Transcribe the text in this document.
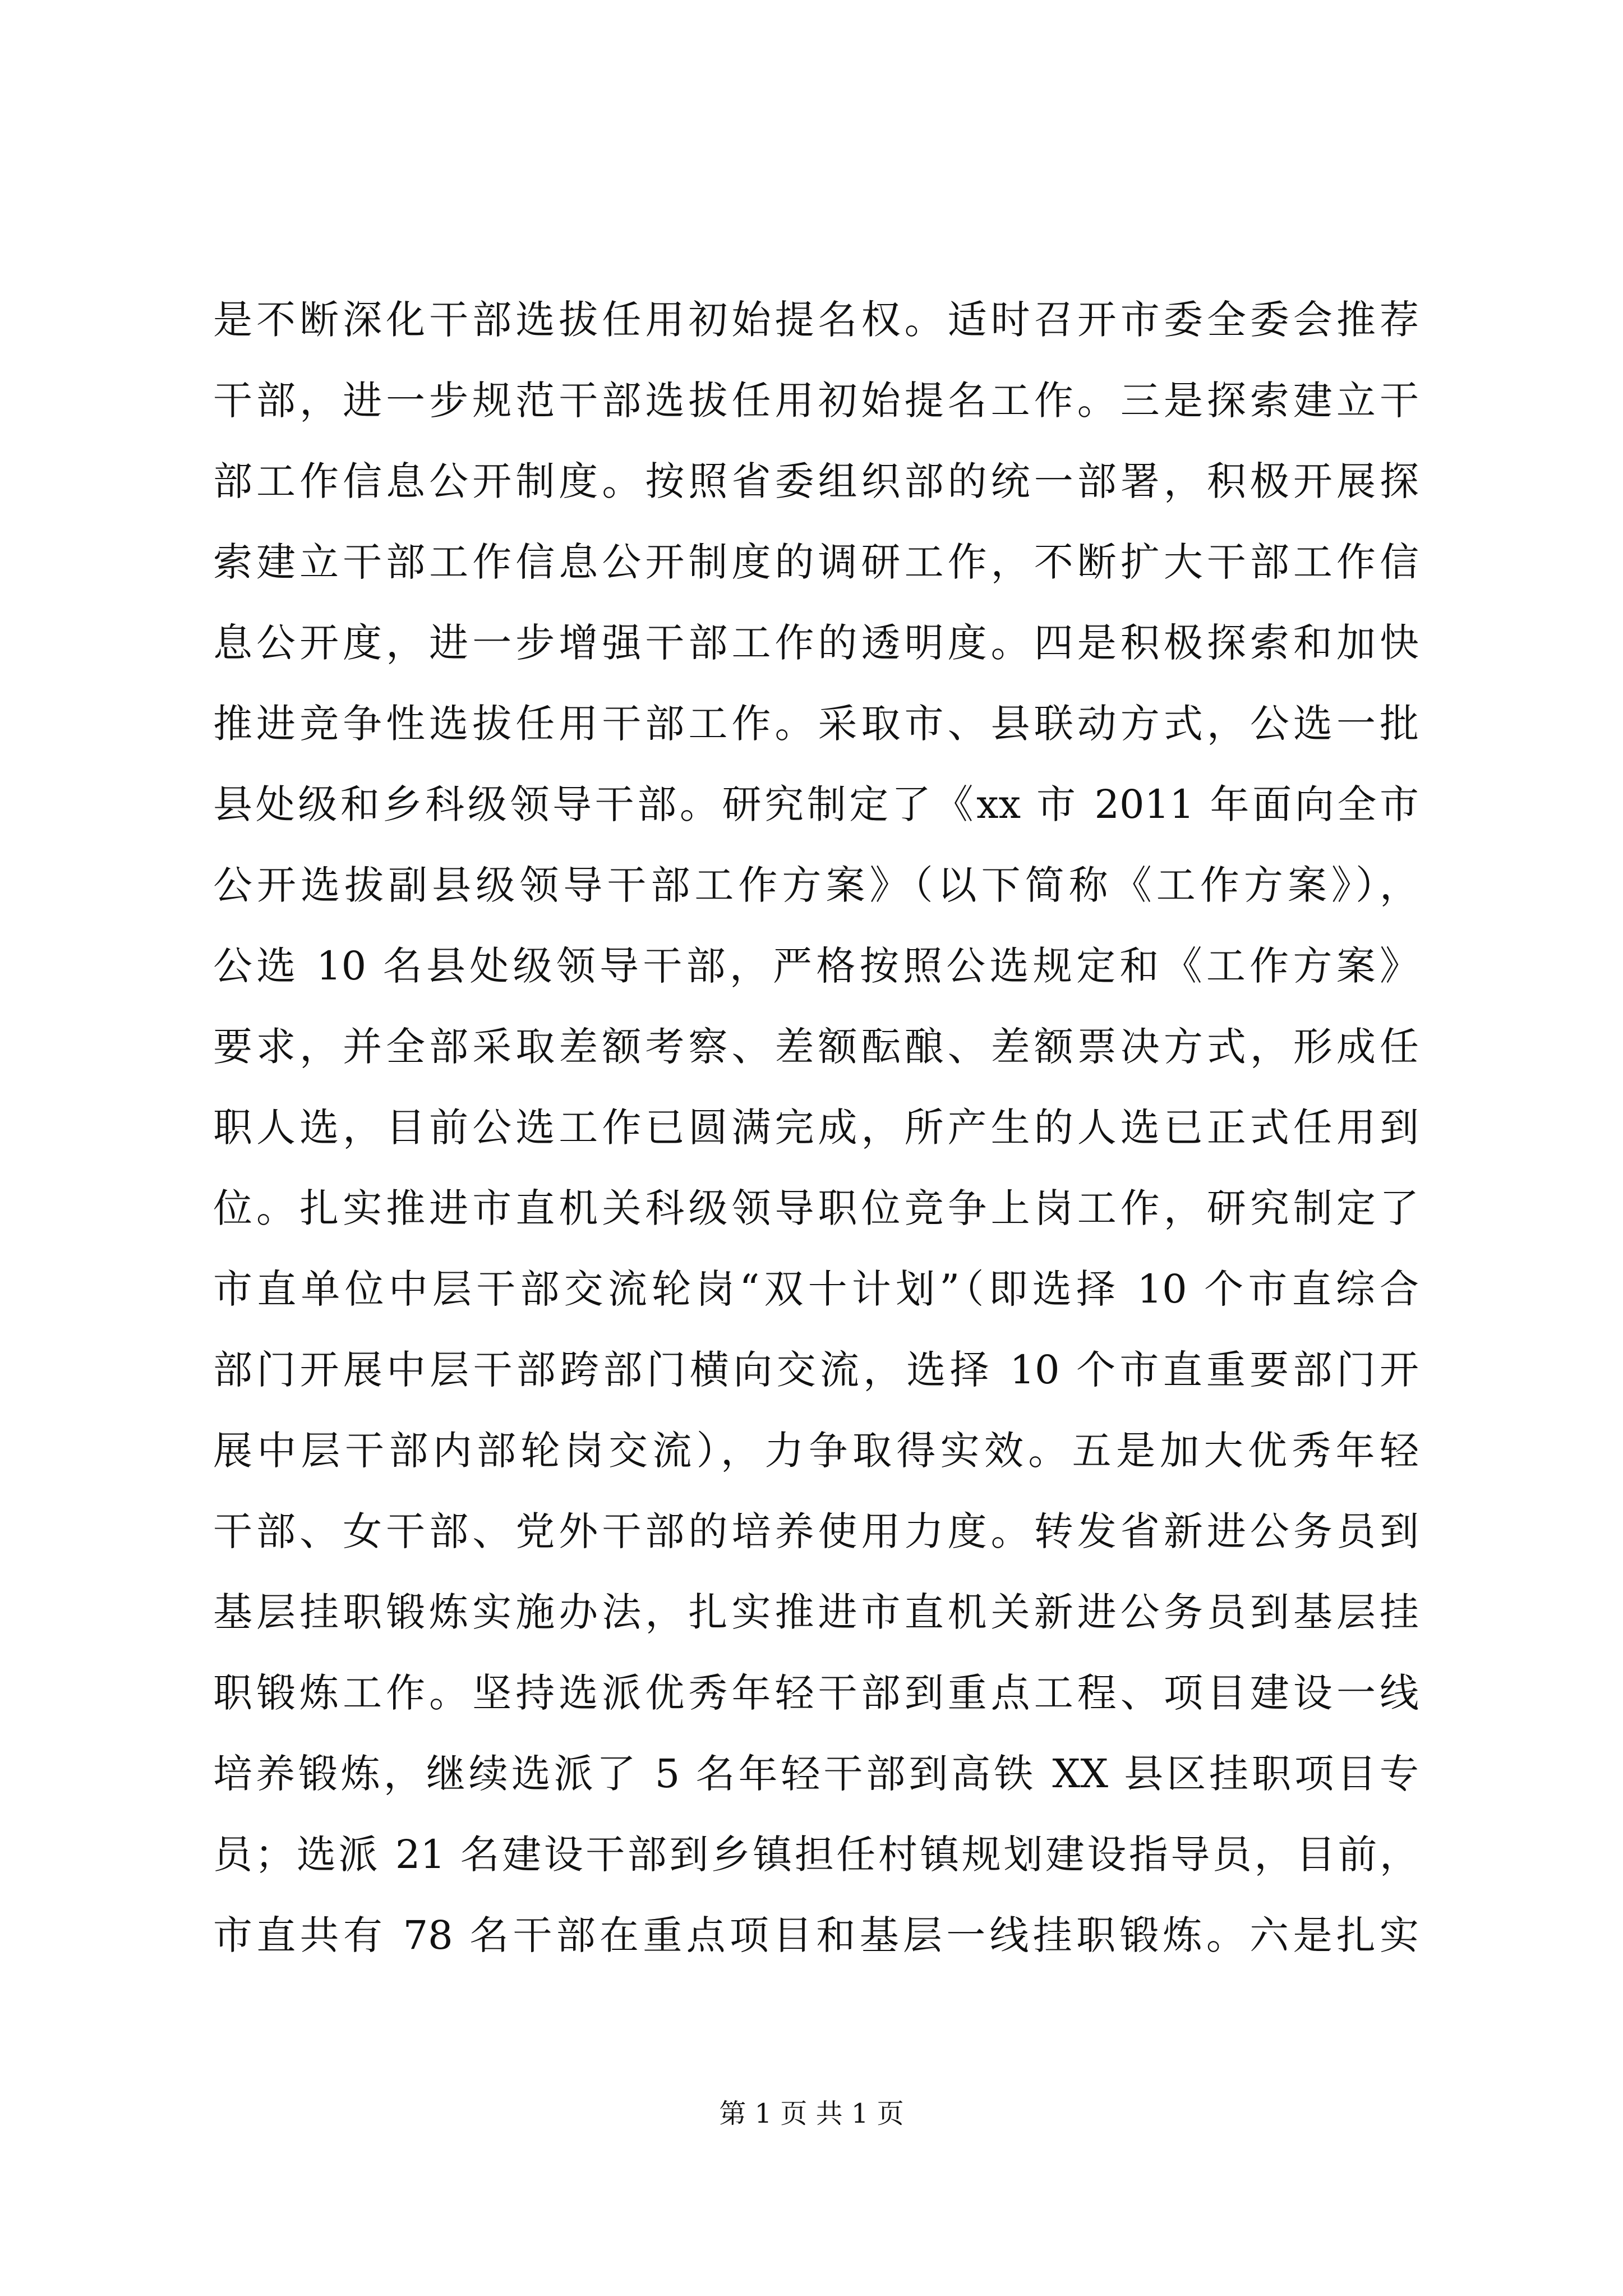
是不断深化干部选拔任用初始提名权。适时召开市委全委会推荐
干部，进一步规范干部选拔任用初始提名工作。三是探索建立干
部工作信息公开制度。按照省委组织部的统一部署，积极开展探
索建立干部工作信息公开制度的调研工作，不断扩大干部工作信
息公开度，进一步增强干部工作的透明度。四是积极探索和加快
推进竞争性选拔任用干部工作。采取市、县联动方式，公选一批
县处级和乡科级领导干部。研究制定了《xx 市 2011 年面向全市
公开选拔副县级领导干部工作方案》（以下简称《工作方案》），
公选 10 名县处级领导干部，严格按照公选规定和《工作方案》
要求，并全部采取差额考察、差额酝酿、差额票决方式，形成任
职人选，目前公选工作已圆满完成，所产生的人选已正式任用到
位。扎实推进市直机关科级领导职位竞争上岗工作，研究制定了
市直单位中层干部交流轮岗“双十计划”（即选择 10 个市直综合
部门开展中层干部跨部门横向交流，选择 10 个市直重要部门开
展中层干部内部轮岗交流），力争取得实效。五是加大优秀年轻
干部、女干部、党外干部的培养使用力度。转发省新进公务员到
基层挂职锻炼实施办法，扎实推进市直机关新进公务员到基层挂
职锻炼工作。坚持选派优秀年轻干部到重点工程、项目建设一线
培养锻炼，继续选派了 5 名年轻干部到高铁 XX 县区挂职项目专
员；选派 21 名建设干部到乡镇担任村镇规划建设指导员，目前，
市直共有 78 名干部在重点项目和基层一线挂职锻炼。六是扎实
第 1 页 共 1 页
